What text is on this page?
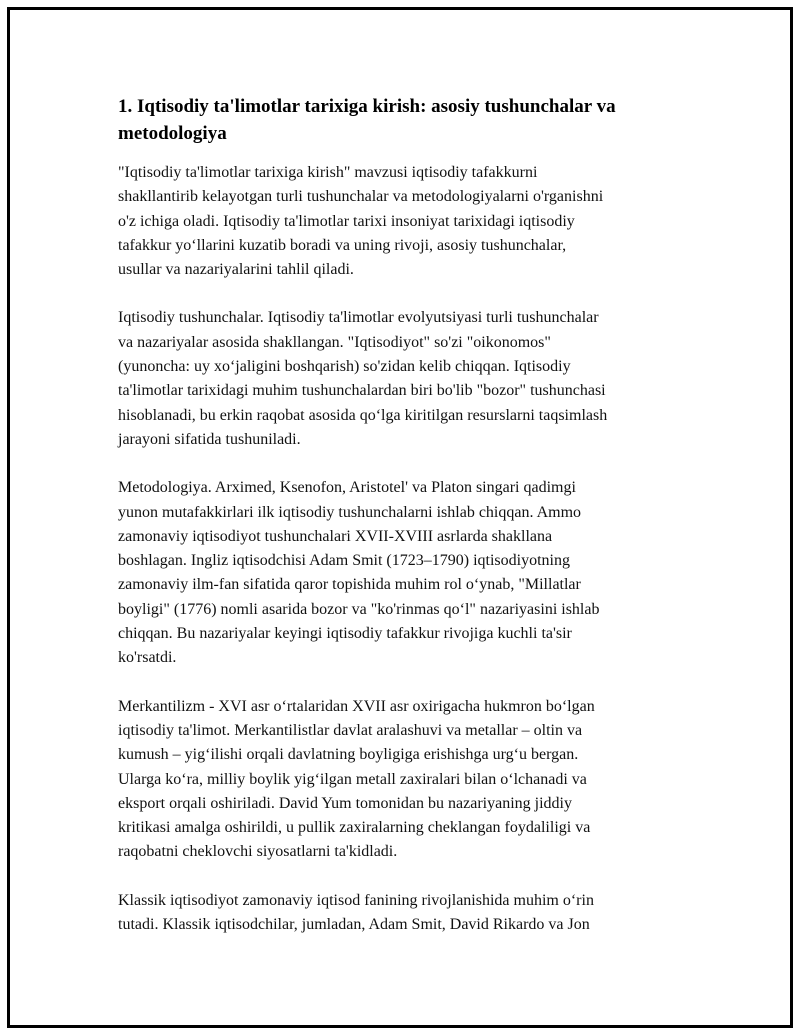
1. Iqtisodiy ta'limotlar tarixiga kirish: asosiy tushunchalar va
metodologiya

"Iqtisodiy ta'limotlar tarixiga kirish" mavzusi iqtisodiy tafakkurni
shakllantirib kelayotgan turli tushunchalar va metodologiyalarni o'rganishni
o'z ichiga oladi. Iqtisodiy ta'limotlar tarixi insoniyat tarixidagi iqtisodiy
tafakkur yo‘llarini kuzatib boradi va uning rivoji, asosiy tushunchalar,
usullar va nazariyalarini tahlil qiladi.

Iqtisodiy tushunchalar. Iqtisodiy ta'limotlar evolyutsiyasi turli tushunchalar
va nazariyalar asosida shakllangan. "Iqtisodiyot" so'zi "oikonomos"
(yunoncha: uy xo‘jaligini boshqarish) so'zidan kelib chiqqan. Iqtisodiy
ta'limotlar tarixidagi muhim tushunchalardan biri bo'lib "bozor" tushunchasi
hisoblanadi, bu erkin raqobat asosida qo‘lga kiritilgan resurslarni taqsimlash
jarayoni sifatida tushuniladi.

Metodologiya. Arximed, Ksenofon, Aristotel' va Platon singari qadimgi
yunon mutafakkirlari ilk iqtisodiy tushunchalarni ishlab chiqqan. Ammo
zamonaviy iqtisodiyot tushunchalari XVII-XVIII asrlarda shakllana
boshlagan. Ingliz iqtisodchisi Adam Smit (1723–1790) iqtisodiyotning
zamonaviy ilm-fan sifatida qaror topishida muhim rol o‘ynab, "Millatlar
boyligi" (1776) nomli asarida bozor va "ko'rinmas qo‘l" nazariyasini ishlab
chiqqan. Bu nazariyalar keyingi iqtisodiy tafakkur rivojiga kuchli ta'sir
ko'rsatdi.

Merkantilizm - XVI asr o‘rtalaridan XVII asr oxirigacha hukmron bo‘lgan
iqtisodiy ta'limot. Merkantilistlar davlat aralashuvi va metallar – oltin va
kumush – yig‘ilishi orqali davlatning boyligiga erishishga urg‘u bergan.
Ularga ko‘ra, milliy boylik yig‘ilgan metall zaxiralari bilan o‘lchanadi va
eksport orqali oshiriladi. David Yum tomonidan bu nazariyaning jiddiy
kritikasi amalga oshirildi, u pullik zaxiralarning cheklangan foydaliligi va
raqobatni cheklovchi siyosatlarni ta'kidladi.

Klassik iqtisodiyot zamonaviy iqtisod fanining rivojlanishida muhim o‘rin
tutadi. Klassik iqtisodchilar, jumladan, Adam Smit, David Rikardo va Jon
